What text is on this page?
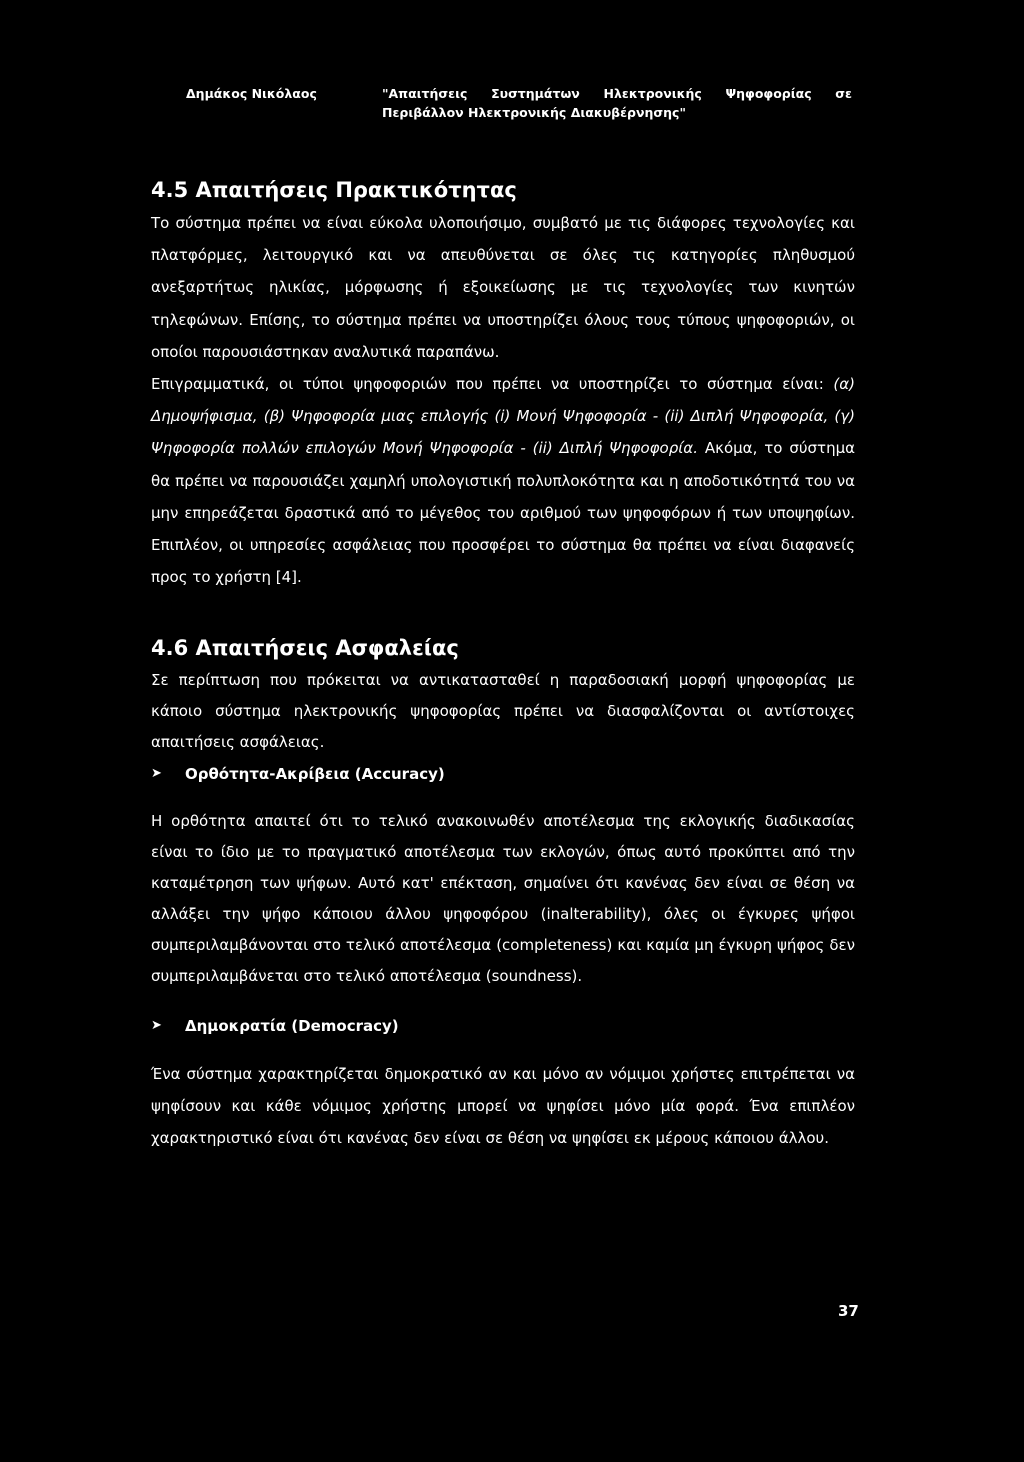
Δημάκος Νικόλαος	"Απαιτήσεις Συστημάτων Ηλεκτρονικής Ψηφοφορίας σε Περιβάλλον Ηλεκτρονικής Διακυβέρνησης"
4.5 Απαιτήσεις Πρακτικότητας

Το σύστημα πρέπει να είναι εύκολα υλοποιήσιμο, συμβατό με τις διάφορες τεχνολογίες και πλατφόρμες, λειτουργικό και να απευθύνεται σε όλες τις κατηγορίες πληθυσμού ανεξαρτήτως ηλικίας, μόρφωσης ή εξοικείωσης με τις τεχνολογίες των κινητών τηλεφώνων. Επίσης, το σύστημα πρέπει να υποστηρίζει όλους τους τύπους ψηφοφοριών, οι οποίοι παρουσιάστηκαν αναλυτικά παραπάνω.

Επιγραμματικά, οι τύποι ψηφοφοριών που πρέπει να υποστηρίζει το σύστημα είναι: (α) Δημοψήφισμα, (β) Ψηφοφορία μιας επιλογής (i) Μονή Ψηφοφορία - (ii) Διπλή Ψηφοφορία, (γ) Ψηφοφορία πολλών επιλογών Μονή Ψηφοφορία - (ii) Διπλή Ψηφοφορία. Ακόμα, το σύστημα θα πρέπει να παρουσιάζει χαμηλή υπολογιστική πολυπλοκότητα και η αποδοτικότητά του να μην επηρεάζεται δραστικά από το μέγεθος του αριθμού των ψηφοφόρων ή των υποψηφίων. Επιπλέον, οι υπηρεσίες ασφάλειας που προσφέρει το σύστημα θα πρέπει να είναι διαφανείς προς το χρήστη [4].

4.6 Απαιτήσεις Ασφαλείας

Σε περίπτωση που πρόκειται να αντικατασταθεί η παραδοσιακή μορφή ψηφοφορίας με κάποιο σύστημα ηλεκτρονικής ψηφοφορίας πρέπει να διασφαλίζονται οι αντίστοιχες απαιτήσεις ασφάλειας.

➤	Ορθότητα-Ακρίβεια (Accuracy)

Η ορθότητα απαιτεί ότι το τελικό ανακοινωθέν αποτέλεσμα της εκλογικής διαδικασίας είναι το ίδιο με το πραγματικό αποτέλεσμα των εκλογών, όπως αυτό προκύπτει από την καταμέτρηση των ψήφων. Αυτό κατ' επέκταση, σημαίνει ότι κανένας δεν είναι σε θέση να αλλάξει την ψήφο κάποιου άλλου ψηφοφόρου (inalterability), όλες οι έγκυρες ψήφοι συμπεριλαμβάνονται στο τελικό αποτέλεσμα (completeness) και καμία μη έγκυρη ψήφος δεν συμπεριλαμβάνεται στο τελικό αποτέλεσμα (soundness).

➤	Δημοκρατία (Democracy)

Ένα σύστημα χαρακτηρίζεται δημοκρατικό αν και μόνο αν νόμιμοι χρήστες επιτρέπεται να ψηφίσουν και κάθε νόμιμος χρήστης μπορεί να ψηφίσει μόνο μία φορά. Ένα επιπλέον χαρακτηριστικό είναι ότι κανένας δεν είναι σε θέση να ψηφίσει εκ μέρους κάποιου άλλου.

37
